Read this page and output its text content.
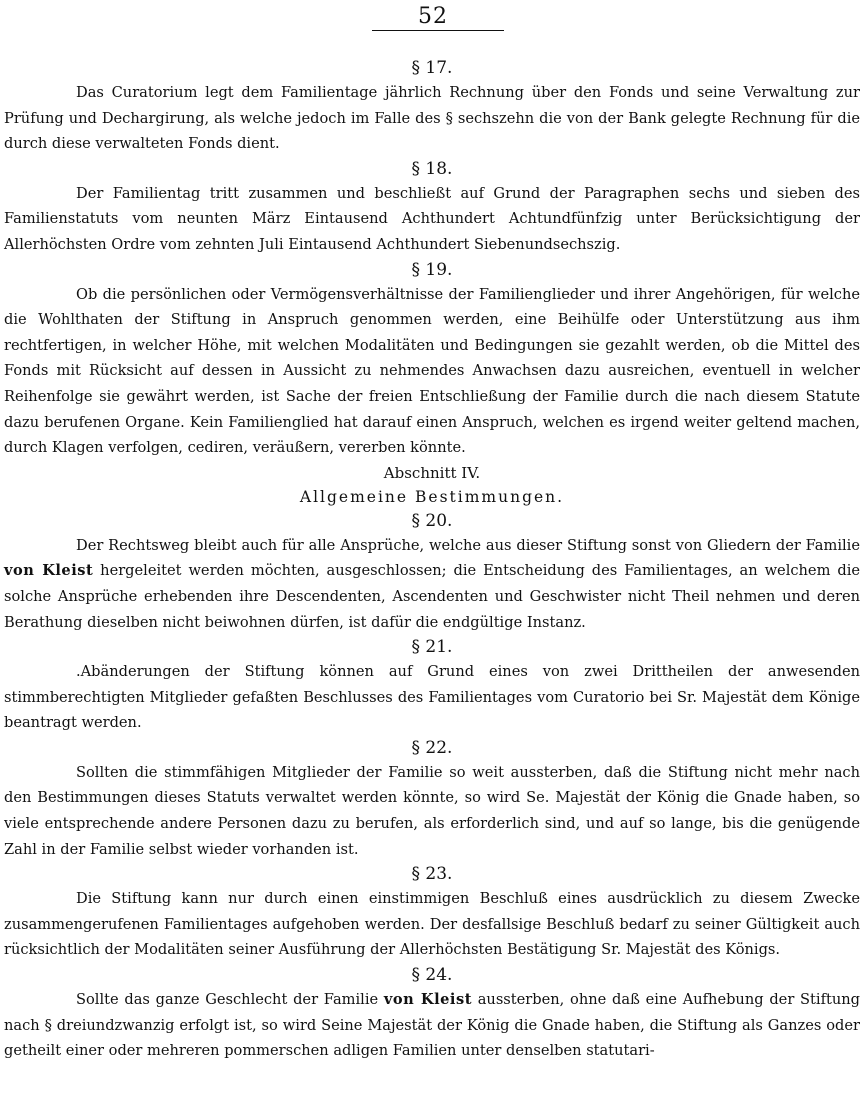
52
§ 17.

Das Curatorium legt dem Familientage jährlich Rechnung über den Fonds und seine Verwaltung zur Prüfung und Dechargirung, als welche jedoch im Falle des § sechszehn die von der Bank gelegte Rechnung für die durch diese verwalteten Fonds dient.

§ 18.

Der Familientag tritt zusammen und beschließt auf Grund der Paragraphen sechs und sieben des Familienstatuts vom neunten März Eintausend Achthundert Achtundfünfzig unter Berücksichtigung der Allerhöchsten Ordre vom zehnten Juli Eintausend Achthundert Siebenundsechszig.

§ 19.

Ob die persönlichen oder Vermögensverhältnisse der Familienglieder und ihrer Angehörigen, für welche die Wohlthaten der Stiftung in Anspruch genommen werden, eine Beihülfe oder Unterstützung aus ihm rechtfertigen, in welcher Höhe, mit welchen Modalitäten und Bedingungen sie gezahlt werden, ob die Mittel des Fonds mit Rücksicht auf dessen in Aussicht zu nehmendes Anwachsen dazu ausreichen, eventuell in welcher Reihenfolge sie gewährt werden, ist Sache der freien Entschließung der Familie durch die nach diesem Statute dazu berufenen Organe. Kein Familienglied hat darauf einen Anspruch, welchen es irgend weiter geltend machen, durch Klagen verfolgen, cediren, veräußern, vererben könnte.

Abschnitt IV.
Allgemeine Bestimmungen.
§ 20.

Der Rechtsweg bleibt auch für alle Ansprüche, welche aus dieser Stiftung sonst von Gliedern der Familie von Kleist hergeleitet werden möchten, ausgeschlossen; die Entscheidung des Familientages, an welchem die solche Ansprüche erhebenden ihre Descendenten, Ascendenten und Geschwister nicht Theil nehmen und deren Berathung dieselben nicht beiwohnen dürfen, ist dafür die endgültige Instanz.

§ 21.

.Abänderungen der Stiftung können auf Grund eines von zwei Drittheilen der anwesenden stimmberechtigten Mitglieder gefaßten Beschlusses des Familientages vom Curatorio bei Sr. Majestät dem Könige beantragt werden.

§ 22.

Sollten die stimmfähigen Mitglieder der Familie so weit aussterben, daß die Stiftung nicht mehr nach den Bestimmungen dieses Statuts verwaltet werden könnte, so wird Se. Majestät der König die Gnade haben, so viele entsprechende andere Personen dazu zu berufen, als erforderlich sind, und auf so lange, bis die genügende Zahl in der Familie selbst wieder vorhanden ist.

§ 23.

Die Stiftung kann nur durch einen einstimmigen Beschluß eines ausdrücklich zu diesem Zwecke zusammengerufenen Familientages aufgehoben werden. Der desfallsige Beschluß bedarf zu seiner Gültigkeit auch rücksichtlich der Modalitäten seiner Ausführung der Allerhöchsten Bestätigung Sr. Majestät des Königs.

§ 24.

Sollte das ganze Geschlecht der Familie von Kleist aussterben, ohne daß eine Aufhebung der Stiftung nach § dreiundzwanzig erfolgt ist, so wird Seine Majestät der König die Gnade haben, die Stiftung als Ganzes oder getheilt einer oder mehreren pommerschen adligen Familien unter denselben statutari-
